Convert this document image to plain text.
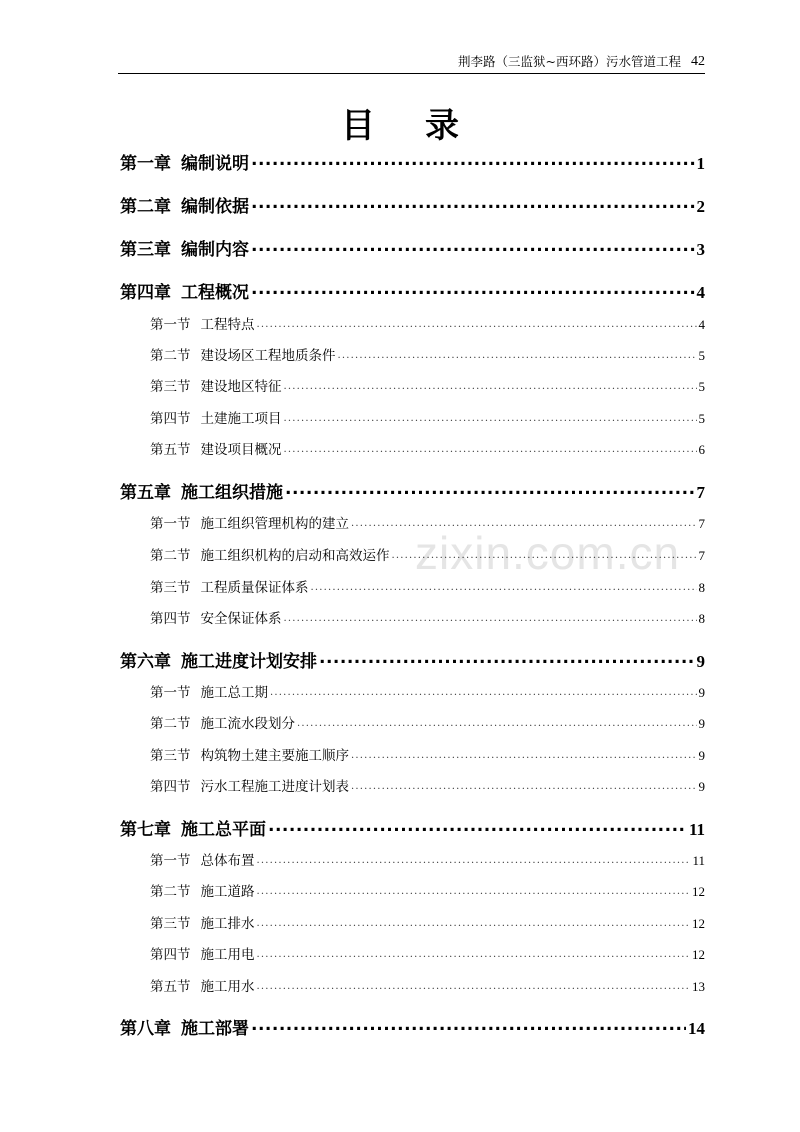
荆李路（三监狱~西环路）污水管道工程 42
目录
zixin.com.cn
第一章 编制说明 .....	1
第二章 编制依据 .....	2
第三章 编制内容 .....	3
第四章 工程概况 .....	4
第一节 工程特点 .....	4
第二节 建设场区工程地质条件 .....	5
第三节 建设地区特征 .....	5
第四节 土建施工项目 .....	5
第五节 建设项目概况 .....	6
第五章 施工组织措施 .....	7
第一节 施工组织管理机构的建立 .....	7
第二节 施工组织机构的启动和高效运作 .....	7
第三节 工程质量保证体系 .....	8
第四节 安全保证体系 .....	8
第六章 施工进度计划安排 .....	9
第一节 施工总工期 .....	9
第二节 施工流水段划分 .....	9
第三节 构筑物土建主要施工顺序 .....	9
第四节 污水工程施工进度计划表 .....	9
第七章 施工总平面 .....	11
第一节 总体布置 .....	11
第二节 施工道路 .....	12
第三节 施工排水 .....	12
第四节 施工用电 .....	12
第五节 施工用水 .....	13
第八章 施工部署 .....	14
